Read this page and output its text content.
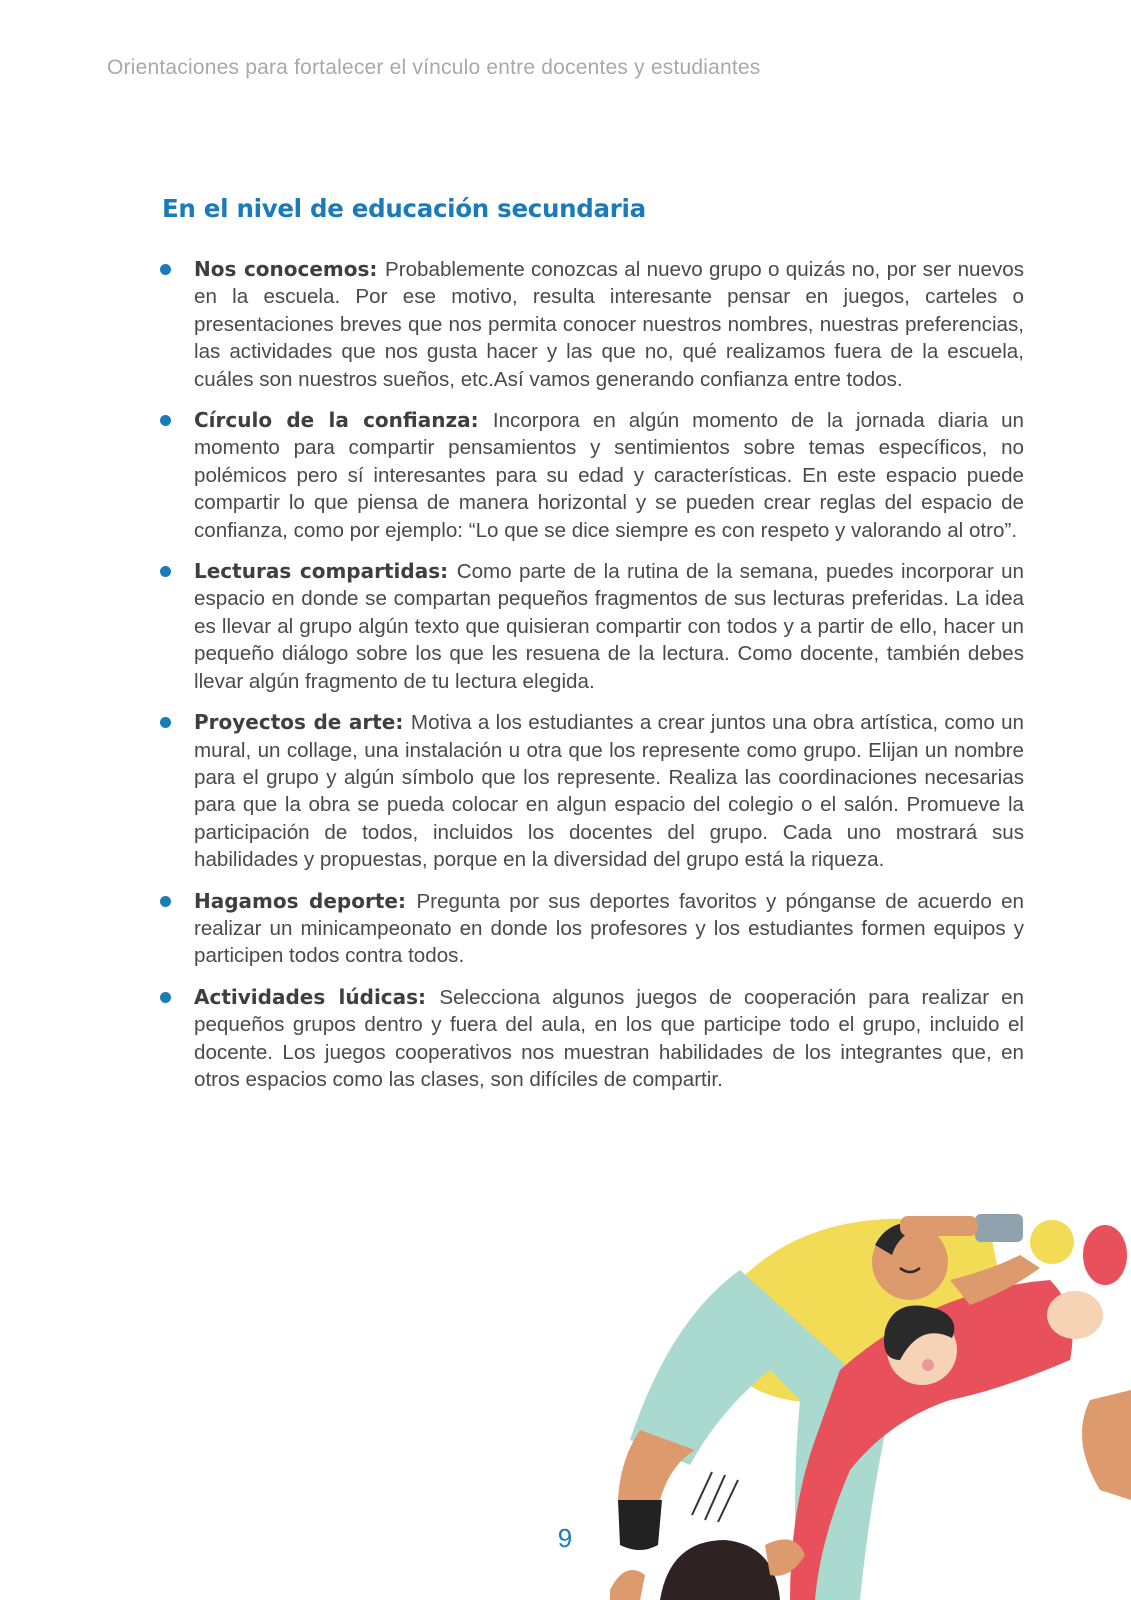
Orientaciones para fortalecer el vínculo entre docentes y estudiantes
En el nivel de educación secundaria
Nos conocemos: Probablemente conozcas al nuevo grupo o quizás no, por ser nuevos en la escuela. Por ese motivo, resulta interesante pensar en juegos, carteles o presentaciones breves que nos permita conocer nuestros nombres, nuestras preferencias, las actividades que nos gusta hacer y las que no, qué realizamos fuera de la escuela, cuáles son nuestros sueños, etc.Así vamos generando confianza entre todos.
Círculo de la confianza: Incorpora en algún momento de la jornada diaria un momento para compartir pensamientos y sentimientos sobre temas específicos, no polémicos pero sí interesantes para su edad y características. En este espacio puede compartir lo que piensa de manera horizontal y se pueden crear reglas del espacio de confianza, como por ejemplo: “Lo que se dice siempre es con respeto y valorando al otro”.
Lecturas compartidas: Como parte de la rutina de la semana, puedes incorporar un espacio en donde se compartan pequeños fragmentos de sus lecturas preferidas. La idea es llevar al grupo algún texto que quisieran compartir con todos y a partir de ello, hacer un pequeño diálogo sobre los que les resuena de la lectura. Como docente, también debes llevar algún fragmento de tu lectura elegida.
Proyectos de arte: Motiva a los estudiantes a crear juntos una obra artística, como un mural, un collage, una instalación u otra que los represente como grupo. Elijan un nombre para el grupo y algún símbolo que los represente. Realiza las coordinaciones necesarias para que la obra se pueda colocar en algun espacio del colegio o el salón. Promueve la participación de todos, incluidos los docentes del grupo. Cada uno mostrará sus habilidades y propuestas, porque en la diversidad del grupo está la riqueza.
Hagamos deporte: Pregunta por sus deportes favoritos y pónganse de acuerdo en realizar un minicampeonato en donde los profesores y los estudiantes formen equipos y participen todos contra todos.
Actividades lúdicas: Selecciona algunos juegos de cooperación para realizar en pequeños grupos dentro y fuera del aula, en los que participe todo el grupo, incluido el docente. Los juegos cooperativos nos muestran habilidades de los integrantes que, en otros espacios como las clases, son difíciles de compartir.
9
